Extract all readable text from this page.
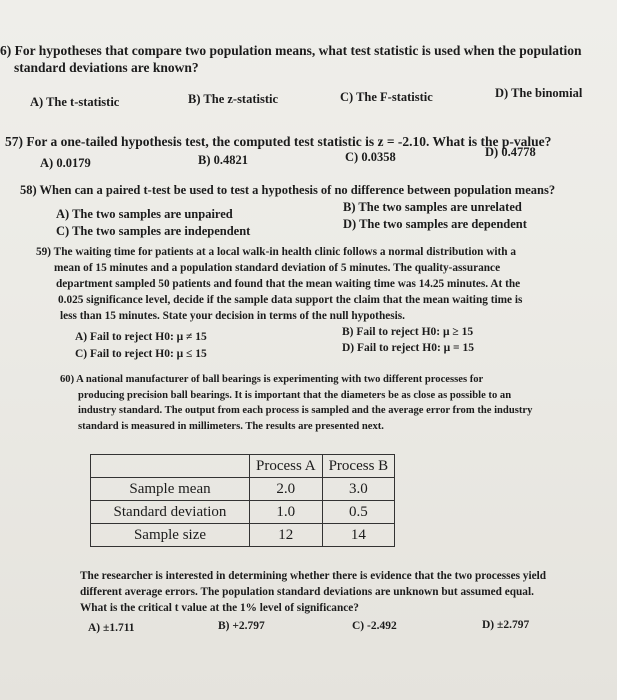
6) For hypotheses that compare two population means, what test statistic is used when the population
standard deviations are known?
A) The t-statistic	B) The z-statistic	C) The F-statistic	D) The binomial
57) For a one-tailed hypothesis test, the computed test statistic is z = -2.10. What is the p-value?
A) 0.0179	B) 0.4821	C) 0.0358	D) 0.4778
58) When can a paired t-test be used to test a hypothesis of no difference between population means?
A) The two samples are unpaired	B) The two samples are unrelated
C) The two samples are independent	D) The two samples are dependent
59) The waiting time for patients at a local walk-in health clinic follows a normal distribution with a
mean of 15 minutes and a population standard deviation of 5 minutes. The quality-assurance
department sampled 50 patients and found that the mean waiting time was 14.25 minutes. At the
0.025 significance level, decide if the sample data support the claim that the mean waiting time is
less than 15 minutes. State your decision in terms of the null hypothesis.
A) Fail to reject H0: μ ≠ 15	B) Fail to reject H0: μ ≥ 15
C) Fail to reject H0: μ ≤ 15	D) Fail to reject H0: μ = 15
60) A national manufacturer of ball bearings is experimenting with two different processes for
producing precision ball bearings. It is important that the diameters be as close as possible to an
industry standard. The output from each process is sampled and the average error from the industry
standard is measured in millimeters. The results are presented next.
	Process A	Process B
Sample mean	2.0	3.0
Standard deviation	1.0	0.5
Sample size	12	14
The researcher is interested in determining whether there is evidence that the two processes yield
different average errors. The population standard deviations are unknown but assumed equal.
What is the critical t value at the 1% level of significance?
A) ±1.711	B) +2.797	C) -2.492	D) ±2.797
